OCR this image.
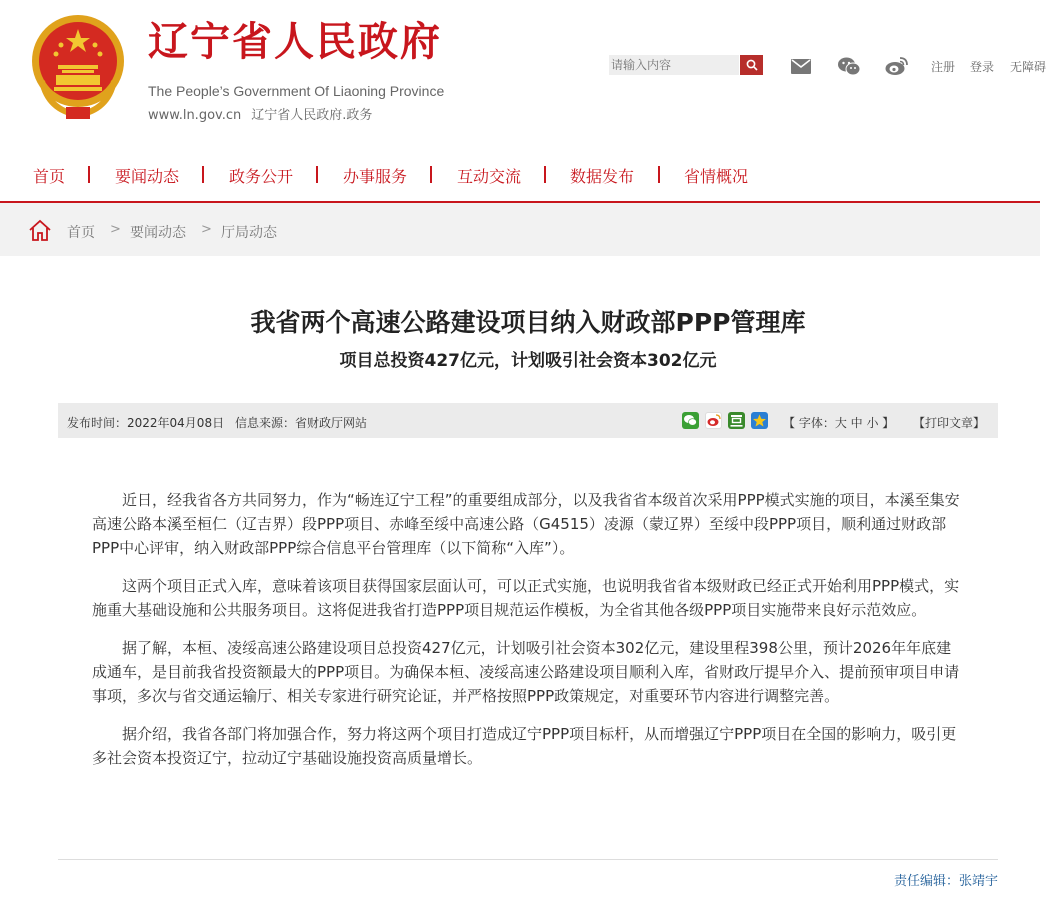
辽宁省人民政府
The People’s Government Of Liaoning Province
www.ln.gov.cn 辽宁省人民政府.政务
请输入内容
注册 登录 无障碍
首页	要闻动态	政务公开	办事服务	互动交流	数据发布	省情概况
首页 > 要闻动态 > 厅局动态
我省两个高速公路建设项目纳入财政部PPP管理库
项目总投资427亿元，计划吸引社会资本302亿元
发布时间：2022年04月08日 信息来源：省财政厅网站	【 字体：大 中 小 】 【打印文章】

近日，经我省各方共同努力，作为“畅连辽宁工程”的重要组成部分，以及我省省本级首次采用PPP模式实施的项目，本溪至集安高速公路本溪至桓仁（辽吉界）段PPP项目、赤峰至绥中高速公路（G4515）凌源（蒙辽界）至绥中段PPP项目，顺利通过财政部PPP中心评审，纳入财政部PPP综合信息平台管理库（以下简称“入库”）。

这两个项目正式入库，意味着该项目获得国家层面认可，可以正式实施，也说明我省省本级财政已经正式开始利用PPP模式，实施重大基础设施和公共服务项目。这将促进我省打造PPP项目规范运作模板，为全省其他各级PPP项目实施带来良好示范效应。

据了解，本桓、凌绥高速公路建设项目总投资427亿元，计划吸引社会资本302亿元，建设里程398公里，预计2026年年底建成通车，是目前我省投资额最大的PPP项目。为确保本桓、凌绥高速公路建设项目顺利入库，省财政厅提早介入、提前预审项目申请事项，多次与省交通运输厅、相关专家进行研究论证，并严格按照PPP政策规定，对重要环节内容进行调整完善。

据介绍，我省各部门将加强合作，努力将这两个项目打造成辽宁PPP项目标杆，从而增强辽宁PPP项目在全国的影响力，吸引更多社会资本投资辽宁，拉动辽宁基础设施投资高质量增长。

责任编辑：张靖宇
